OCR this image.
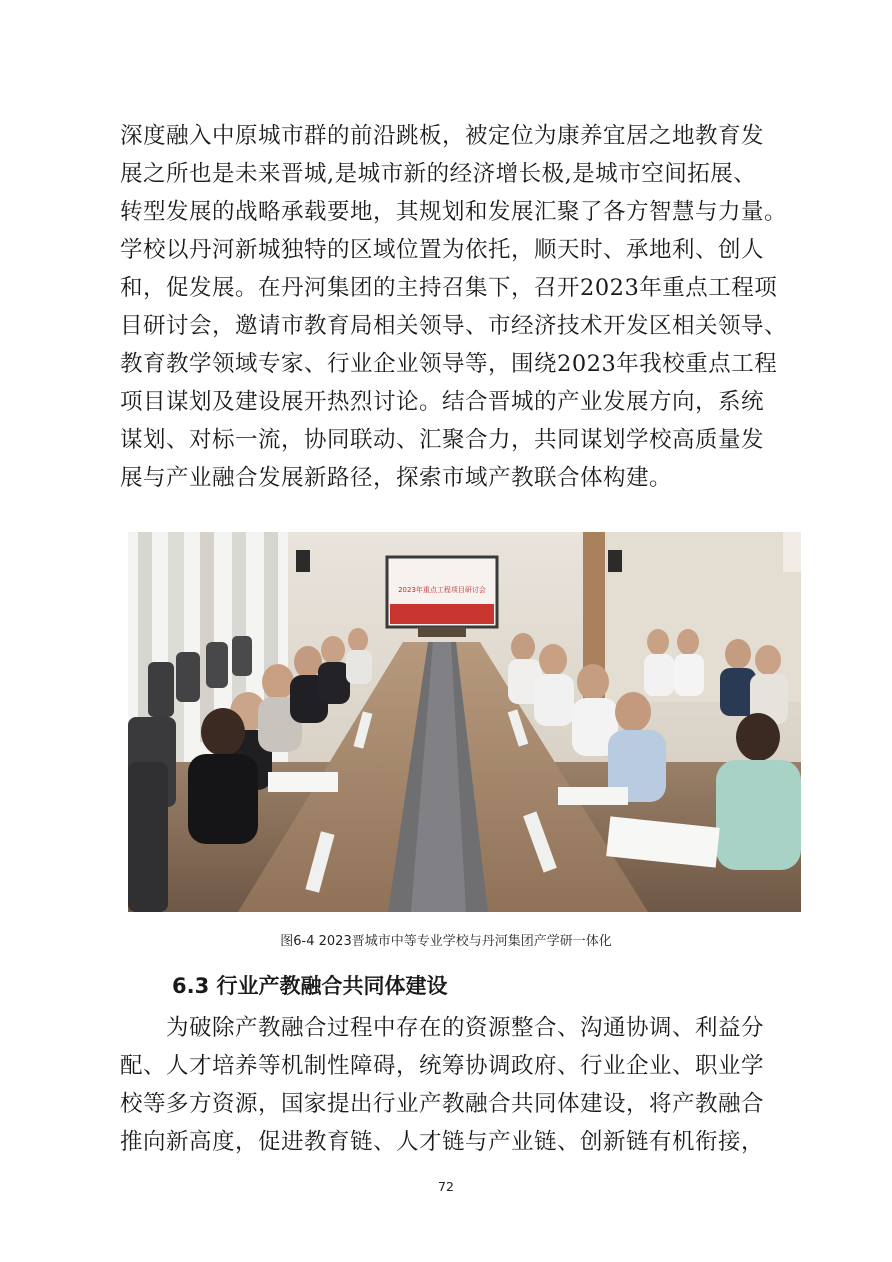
深度融入中原城市群的前沿跳板，被定位为康养宜居之地教育发
展之所也是未来晋城,是城市新的经济增长极,是城市空间拓展、
转型发展的战略承载要地，其规划和发展汇聚了各方智慧与力量。
学校以丹河新城独特的区域位置为依托，顺天时、承地利、创人
和，促发展。在丹河集团的主持召集下，召开2023年重点工程项
目研讨会，邀请市教育局相关领导、市经济技术开发区相关领导、
教育教学领域专家、行业企业领导等，围绕2023年我校重点工程
项目谋划及建设展开热烈讨论。结合晋城的产业发展方向，系统
谋划、对标一流，协同联动、汇聚合力，共同谋划学校高质量发
展与产业融合发展新路径，探索市域产教联合体构建。
2023年重点工程项目研讨会
图6-4 2023晋城市中等专业学校与丹河集团产学研一体化
6.3 行业产教融合共同体建设
为破除产教融合过程中存在的资源整合、沟通协调、利益分
配、人才培养等机制性障碍，统筹协调政府、行业企业、职业学
校等多方资源，国家提出行业产教融合共同体建设，将产教融合
推向新高度，促进教育链、人才链与产业链、创新链有机衔接，
72
